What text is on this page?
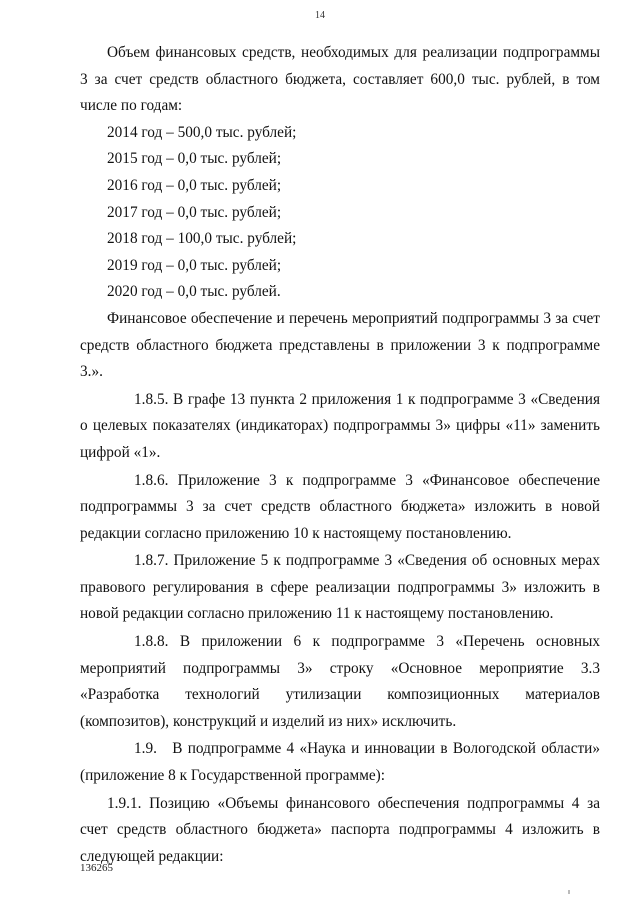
14

Объем финансовых средств, необходимых для реализации подпрограммы 3 за счет средств областного бюджета, составляет 600,0 тыс. рублей, в том числе по годам:

2014 год – 500,0 тыс. рублей;

2015 год – 0,0 тыс. рублей;

2016 год – 0,0 тыс. рублей;

2017 год – 0,0 тыс. рублей;

2018 год – 100,0 тыс. рублей;

2019 год – 0,0 тыс. рублей;

2020 год – 0,0 тыс. рублей.

Финансовое обеспечение и перечень мероприятий подпрограммы 3 за счет средств областного бюджета представлены в приложении 3 к подпрограмме 3.».

1.8.5. В графе 13 пункта 2 приложения 1 к подпрограмме 3 «Сведения о целевых показателях (индикаторах) подпрограммы 3» цифры «11» заменить цифрой «1».

1.8.6. Приложение 3 к подпрограмме 3 «Финансовое обеспечение подпрограммы 3 за счет средств областного бюджета» изложить в новой редакции согласно приложению 10 к настоящему постановлению.

1.8.7. Приложение 5 к подпрограмме 3 «Сведения об основных мерах правового регулирования в сфере реализации подпрограммы 3» изложить в новой редакции согласно приложению 11 к настоящему постановлению.

1.8.8. В приложении 6 к подпрограмме 3 «Перечень основных мероприятий подпрограммы 3» строку «Основное мероприятие 3.3 «Разработка технологий утилизации композиционных материалов (композитов), конструкций и изделий из них» исключить.

1.9. В подпрограмме 4 «Наука и инновации в Вологодской области» (приложение 8 к Государственной программе):

1.9.1. Позицию «Объемы финансового обеспечения подпрограммы 4 за счет средств областного бюджета» паспорта подпрограммы 4 изложить в следующей редакции:

136265
